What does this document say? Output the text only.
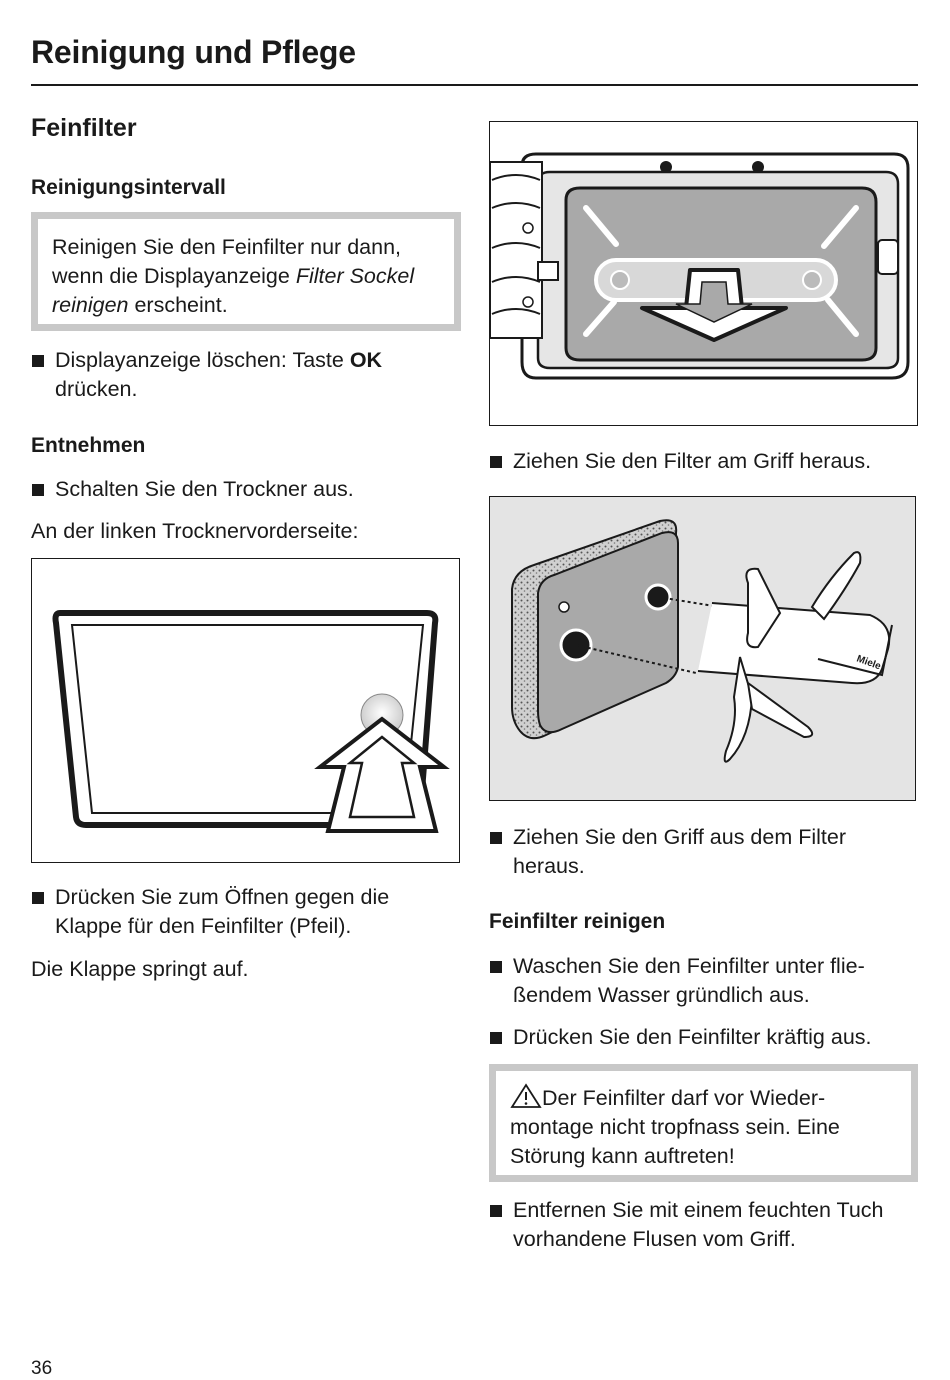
Reinigung und Pflege
Feinfilter
Reinigungsintervall
Reinigen Sie den Feinfilter nur dann, wenn die Displayanzeige Filter Sockel reinigen erscheint.
Displayanzeige löschen: Taste OK drücken.
Entnehmen
Schalten Sie den Trockner aus.
An der linken Trocknervorderseite:
Drücken Sie zum Öffnen gegen die Klappe für den Feinfilter (Pfeil).
Die Klappe springt auf.
Ziehen Sie den Filter am Griff heraus.
Miele
Ziehen Sie den Griff aus dem Filter heraus.
Feinfilter reinigen
Waschen Sie den Feinfilter unter fließendem Wasser gründlich aus.
Drücken Sie den Feinfilter kräftig aus.
Der Feinfilter darf vor Wiedermontage nicht tropfnass sein. Eine Störung kann auftreten!
Entfernen Sie mit einem feuchten Tuch vorhandene Flusen vom Griff.
36
